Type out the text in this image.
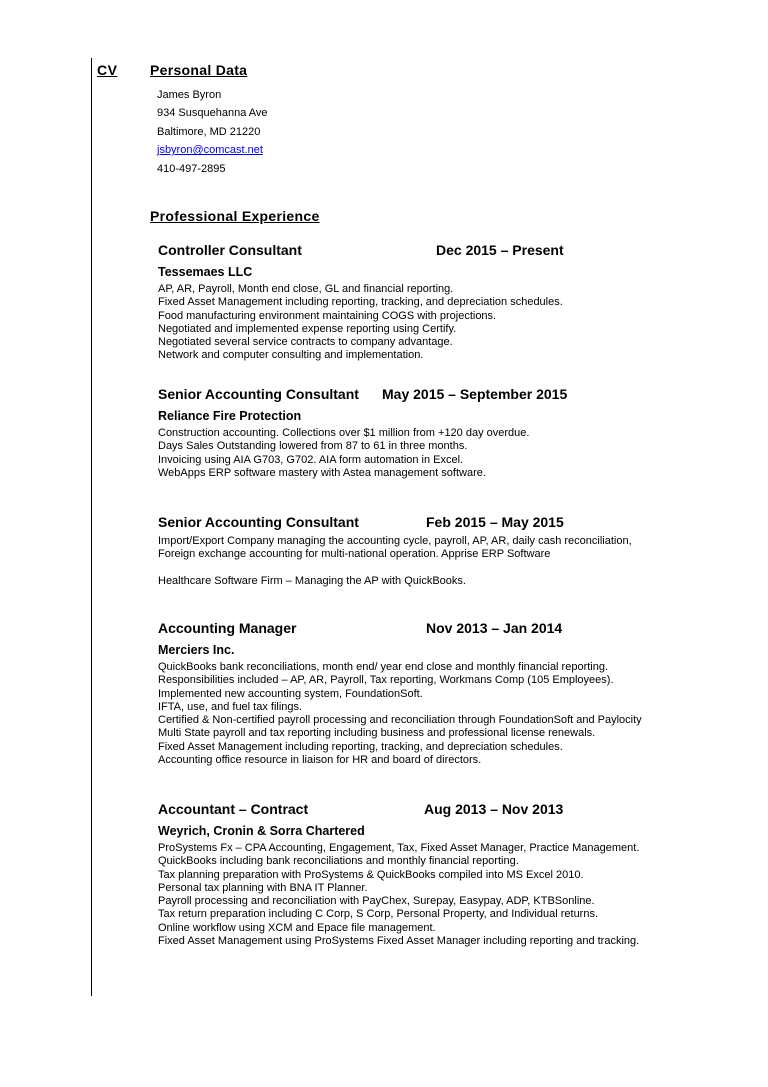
CV Personal Data
James Byron
934 Susquehanna Ave
Baltimore, MD 21220
jsbyron@comcast.net
410-497-2895
Professional Experience
Controller Consultant	Dec 2015 – Present
Tessemaes LLC
AP, AR, Payroll, Month end close, GL and financial reporting.
Fixed Asset Management including reporting, tracking, and depreciation schedules.
Food manufacturing environment maintaining COGS with projections.
Negotiated and implemented expense reporting using Certify.
Negotiated several service contracts to company advantage.
Network and computer consulting and implementation.
Senior Accounting Consultant May 2015 – September 2015
Reliance Fire Protection
Construction accounting. Collections over $1 million from +120 day overdue.
Days Sales Outstanding lowered from 87 to 61 in three months.
Invoicing using AIA G703, G702. AIA form automation in Excel.
WebApps ERP software mastery with Astea management software.
Senior Accounting Consultant	Feb 2015 – May 2015
Import/Export Company managing the accounting cycle, payroll, AP, AR, daily cash reconciliation,
Foreign exchange accounting for multi-national operation. Apprise ERP Software
Healthcare Software Firm – Managing the AP with QuickBooks.
Accounting Manager	Nov 2013 – Jan 2014
Merciers Inc.
QuickBooks bank reconciliations, month end/ year end close and monthly financial reporting.
Responsibilities included – AP, AR, Payroll, Tax reporting, Workmans Comp (105 Employees).
Implemented new accounting system, FoundationSoft.
IFTA, use, and fuel tax filings.
Certified & Non-certified payroll processing and reconciliation through FoundationSoft and Paylocity
Multi State payroll and tax reporting including business and professional license renewals.
Fixed Asset Management including reporting, tracking, and depreciation schedules.
Accounting office resource in liaison for HR and board of directors.
Accountant – Contract	Aug 2013 – Nov 2013
Weyrich, Cronin & Sorra Chartered
ProSystems Fx – CPA Accounting, Engagement, Tax, Fixed Asset Manager, Practice Management.
QuickBooks including bank reconciliations and monthly financial reporting.
Tax planning preparation with ProSystems & QuickBooks compiled into MS Excel 2010.
Personal tax planning with BNA IT Planner.
Payroll processing and reconciliation with PayChex, Surepay, Easypay, ADP, KTBSonline.
Tax return preparation including C Corp, S Corp, Personal Property, and Individual returns.
Online workflow using XCM and Epace file management.
Fixed Asset Management using ProSystems Fixed Asset Manager including reporting and tracking.
